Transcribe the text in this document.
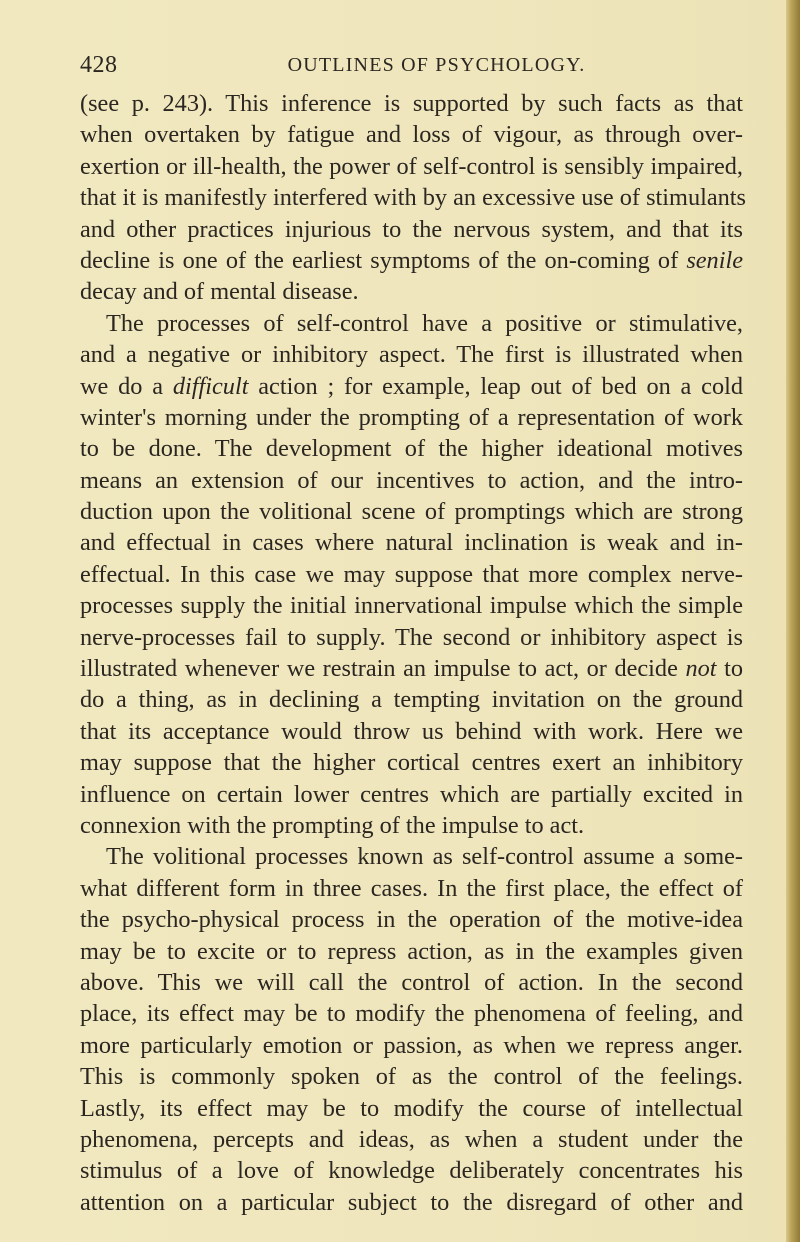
428	OUTLINES OF PSYCHOLOGY.
(see p. 243). This inference is supported by such facts as that
when overtaken by fatigue and loss of vigour, as through over-
exertion or ill-health, the power of self-control is sensibly impaired,
that it is manifestly interfered with by an excessive use of stimulants
and other practices injurious to the nervous system, and that its
decline is one of the earliest symptoms of the on-coming of senile
decay and of mental disease.
The processes of self-control have a positive or stimulative,
and a negative or inhibitory aspect. The first is illustrated when
we do a difficult action ; for example, leap out of bed on a cold
winter's morning under the prompting of a representation of work
to be done. The development of the higher ideational motives
means an extension of our incentives to action, and the intro-
duction upon the volitional scene of promptings which are strong
and effectual in cases where natural inclination is weak and in-
effectual. In this case we may suppose that more complex nerve-
processes supply the initial innervational impulse which the simple
nerve-processes fail to supply. The second or inhibitory aspect is
illustrated whenever we restrain an impulse to act, or decide not to
do a thing, as in declining a tempting invitation on the ground
that its acceptance would throw us behind with work. Here we
may suppose that the higher cortical centres exert an inhibitory
influence on certain lower centres which are partially excited in
connexion with the prompting of the impulse to act.
The volitional processes known as self-control assume a some-
what different form in three cases. In the first place, the effect of
the psycho-physical process in the operation of the motive-idea
may be to excite or to repress action, as in the examples given
above. This we will call the control of action. In the second
place, its effect may be to modify the phenomena of feeling, and
more particularly emotion or passion, as when we repress anger.
This is commonly spoken of as the control of the feelings.
Lastly, its effect may be to modify the course of intellectual
phenomena, percepts and ideas, as when a student under the
stimulus of a love of knowledge deliberately concentrates his
attention on a particular subject to the disregard of other and
